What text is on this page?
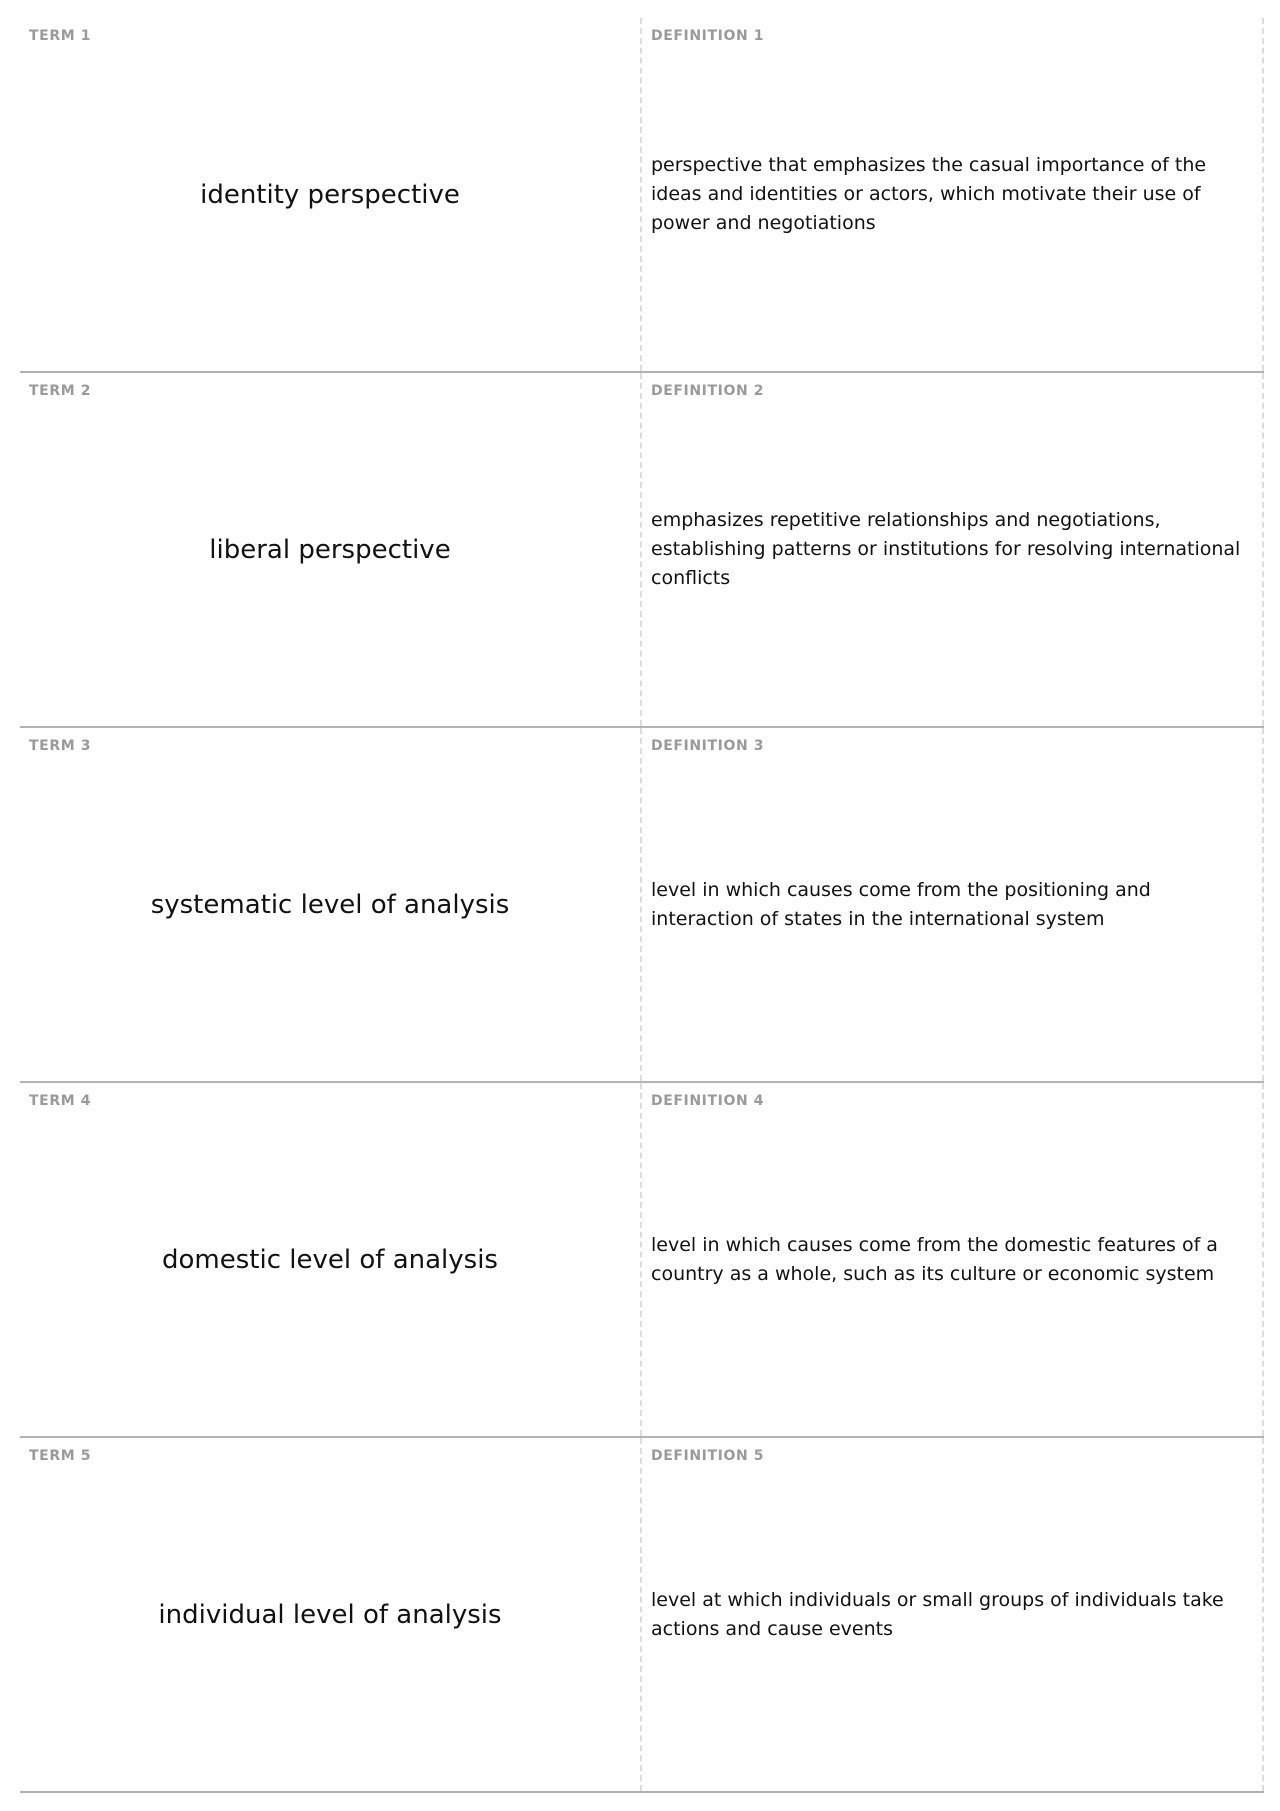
TERM 1
identity perspective
DEFINITION 1
perspective that emphasizes the casual importance of the ideas and identities or actors, which motivate their use of power and negotiations
TERM 2
liberal perspective
DEFINITION 2
emphasizes repetitive relationships and negotiations, establishing patterns or institutions for resolving international conflicts
TERM 3
systematic level of analysis
DEFINITION 3
level in which causes come from the positioning and interaction of states in the international system
TERM 4
domestic level of analysis
DEFINITION 4
level in which causes come from the domestic features of a country as a whole, such as its culture or economic system
TERM 5
individual level of analysis
DEFINITION 5
level at which individuals or small groups of individuals take actions and cause events
